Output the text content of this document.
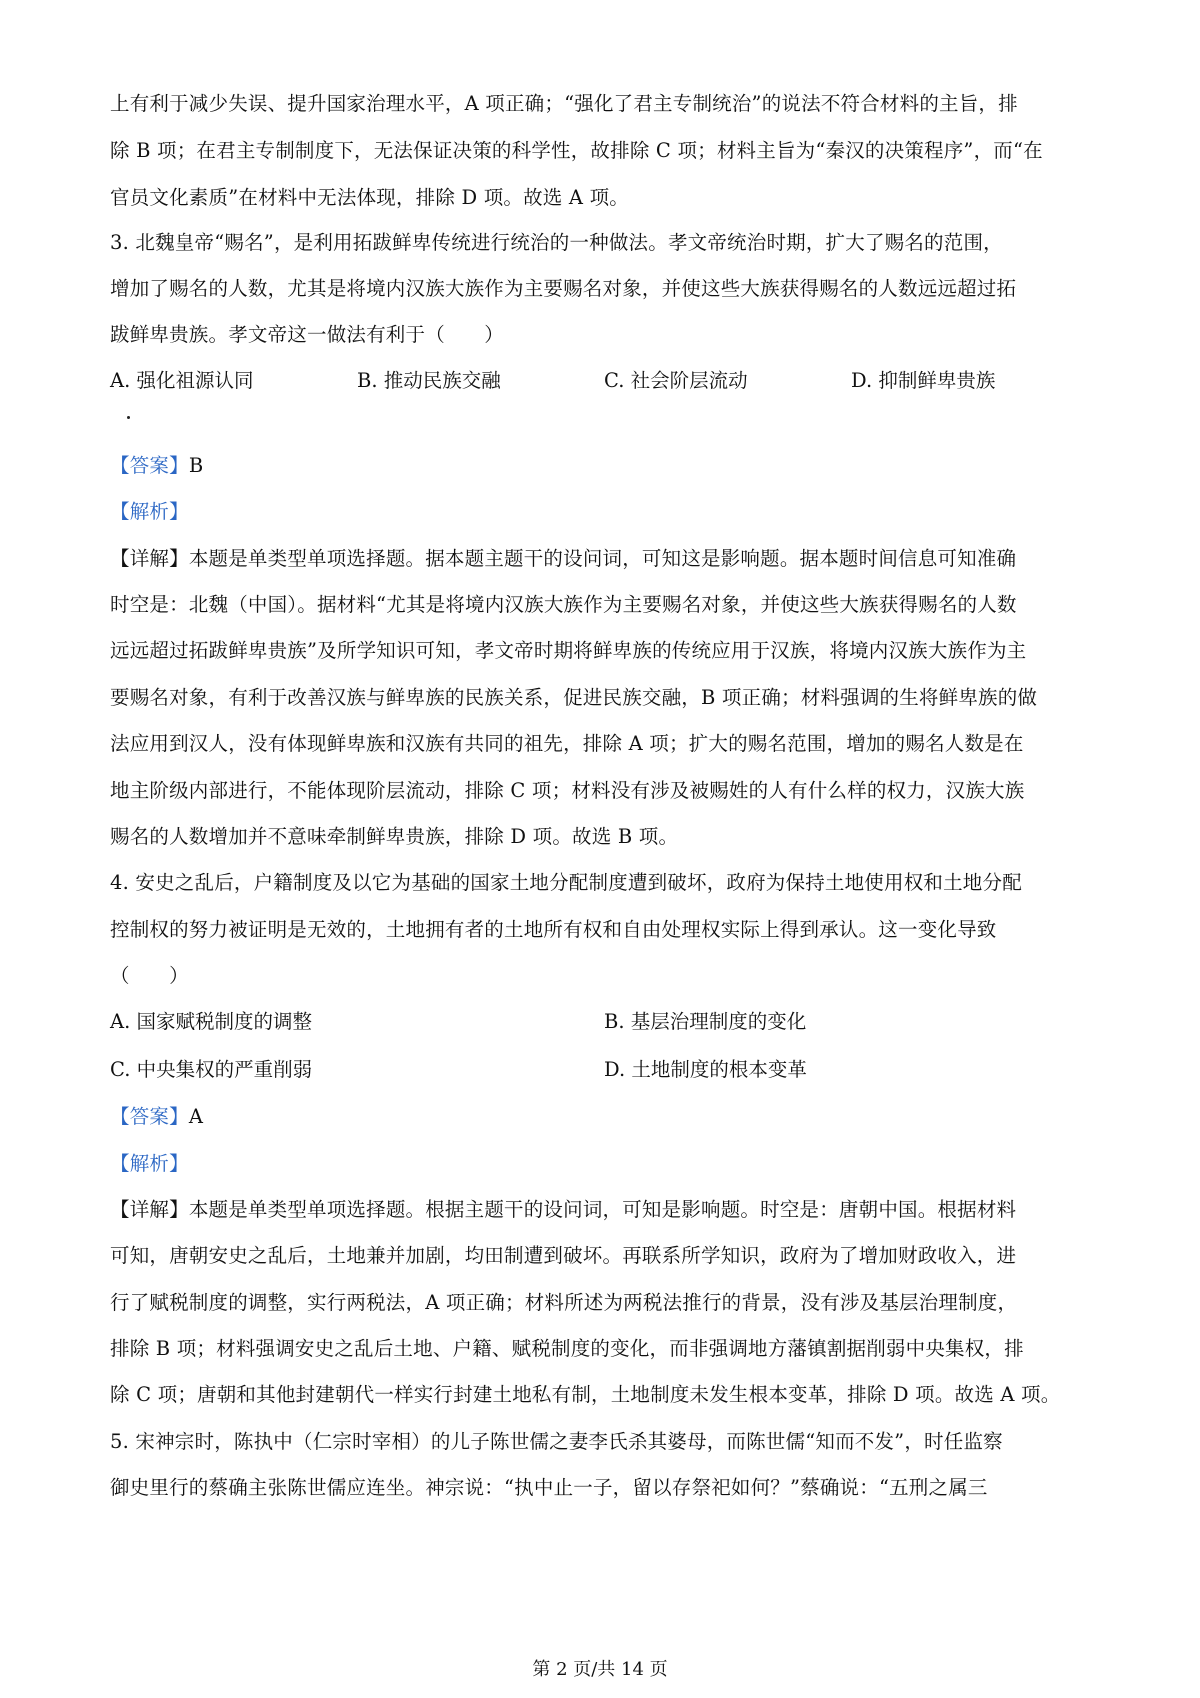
上有利于减少失误、提升国家治理水平，A 项正确；“强化了君主专制统治”的说法不符合材料的主旨，排
除 B 项；在君主专制制度下，无法保证决策的科学性，故排除 C 项；材料主旨为“秦汉的决策程序”，而“在
官员文化素质”在材料中无法体现，排除 D 项。故选 A 项。
3. 北魏皇帝“赐名”，是利用拓跋鲜卑传统进行统治的一种做法。孝文帝统治时期，扩大了赐名的范围，
增加了赐名的人数，尤其是将境内汉族大族作为主要赐名对象，并使这些大族获得赐名的人数远远超过拓
跋鲜卑贵族。孝文帝这一做法有利于（　　）
A. 强化祖源认同	B. 推动民族交融	C. 社会阶层流动	D. 抑制鲜卑贵族
【答案】B
【解析】
【详解】本题是单类型单项选择题。据本题主题干的设问词，可知这是影响题。据本题时间信息可知准确
时空是：北魏（中国）。据材料“尤其是将境内汉族大族作为主要赐名对象，并使这些大族获得赐名的人数
远远超过拓跋鲜卑贵族”及所学知识可知，孝文帝时期将鲜卑族的传统应用于汉族，将境内汉族大族作为主
要赐名对象，有利于改善汉族与鲜卑族的民族关系，促进民族交融，B 项正确；材料强调的生将鲜卑族的做
法应用到汉人，没有体现鲜卑族和汉族有共同的祖先，排除 A 项；扩大的赐名范围，增加的赐名人数是在
地主阶级内部进行，不能体现阶层流动，排除 C 项；材料没有涉及被赐姓的人有什么样的权力，汉族大族
赐名的人数增加并不意味牵制鲜卑贵族，排除 D 项。故选 B 项。
4. 安史之乱后，户籍制度及以它为基础的国家土地分配制度遭到破坏，政府为保持土地使用权和土地分配
控制权的努力被证明是无效的，土地拥有者的土地所有权和自由处理权实际上得到承认。这一变化导致
（　　）
A. 国家赋税制度的调整	B. 基层治理制度的变化
C. 中央集权的严重削弱	D. 土地制度的根本变革
【答案】A
【解析】
【详解】本题是单类型单项选择题。根据主题干的设问词，可知是影响题。时空是：唐朝中国。根据材料
可知，唐朝安史之乱后，土地兼并加剧，均田制遭到破坏。再联系所学知识，政府为了增加财政收入，进
行了赋税制度的调整，实行两税法，A 项正确；材料所述为两税法推行的背景，没有涉及基层治理制度，
排除 B 项；材料强调安史之乱后土地、户籍、赋税制度的变化，而非强调地方藩镇割据削弱中央集权，排
除 C 项；唐朝和其他封建朝代一样实行封建土地私有制，土地制度未发生根本变革，排除 D 项。故选 A 项。
5. 宋神宗时，陈执中（仁宗时宰相）的儿子陈世儒之妻李氏杀其婆母，而陈世儒“知而不发”，时任监察
御史里行的蔡确主张陈世儒应连坐。神宗说：“执中止一子，留以存祭祀如何？”蔡确说：“五刑之属三
第 2 页/共 14 页
